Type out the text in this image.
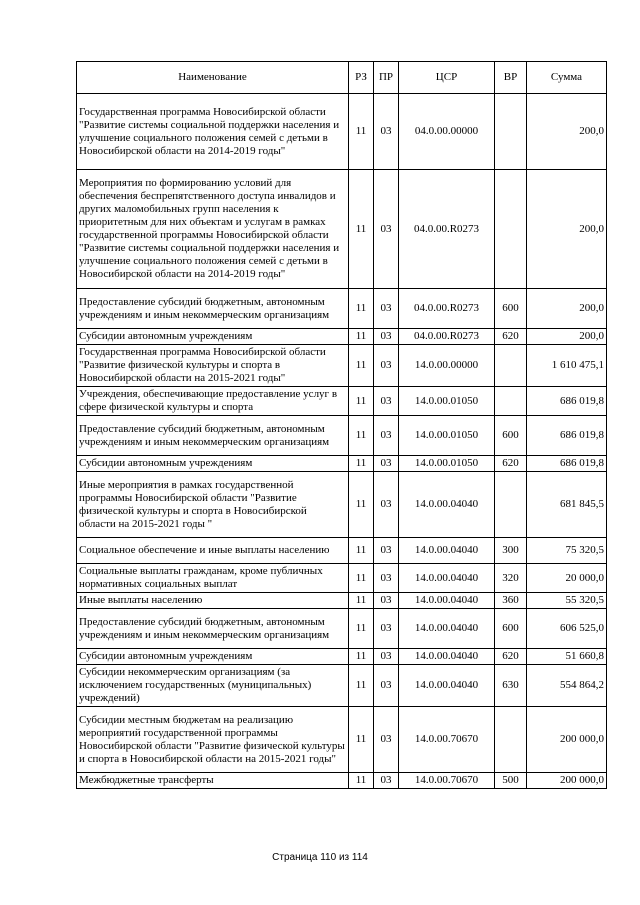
Наименование	РЗ	ПР	ЦСР	ВР	Сумма
Государственная программа Новосибирской области "Развитие системы социальной поддержки населения и улучшение социального положения семей с детьми в Новосибирской области на 2014-2019 годы"	11	03	04.0.00.00000		200,0
Мероприятия по формированию условий для обеспечения беспрепятственного доступа инвалидов и других маломобильных групп населения к приоритетным для них объектам и услугам в рамках государственной программы Новосибирской области "Развитие системы социальной поддержки населения и улучшение социального положения семей с детьми в Новосибирской области на 2014-2019 годы"	11	03	04.0.00.R0273		200,0
Предоставление субсидий бюджетным, автономным учреждениям и иным некоммерческим организациям	11	03	04.0.00.R0273	600	200,0
Субсидии автономным учреждениям	11	03	04.0.00.R0273	620	200,0
Государственная программа Новосибирской области "Развитие физической культуры и спорта в Новосибирской области на 2015-2021 годы"	11	03	14.0.00.00000		1 610 475,1
Учреждения, обеспечивающие предоставление услуг в сфере физической культуры и спорта	11	03	14.0.00.01050		686 019,8
Предоставление субсидий бюджетным, автономным учреждениям и иным некоммерческим организациям	11	03	14.0.00.01050	600	686 019,8
Субсидии автономным учреждениям	11	03	14.0.00.01050	620	686 019,8
Иные мероприятия в рамках государственной программы Новосибирской области "Развитие физической культуры и спорта в Новосибирской области на 2015-2021 годы "	11	03	14.0.00.04040		681 845,5
Социальное обеспечение и иные выплаты населению	11	03	14.0.00.04040	300	75 320,5
Социальные выплаты гражданам, кроме публичных нормативных социальных выплат	11	03	14.0.00.04040	320	20 000,0
Иные выплаты населению	11	03	14.0.00.04040	360	55 320,5
Предоставление субсидий бюджетным, автономным учреждениям и иным некоммерческим организациям	11	03	14.0.00.04040	600	606 525,0
Субсидии автономным учреждениям	11	03	14.0.00.04040	620	51 660,8
Субсидии некоммерческим организациям (за исключением государственных (муниципальных) учреждений)	11	03	14.0.00.04040	630	554 864,2
Субсидии местным бюджетам на реализацию мероприятий государственной программы Новосибирской области "Развитие физической культуры и спорта в Новосибирской области на 2015-2021 годы"	11	03	14.0.00.70670		200 000,0
Межбюджетные трансферты	11	03	14.0.00.70670	500	200 000,0
Страница 110 из 114
